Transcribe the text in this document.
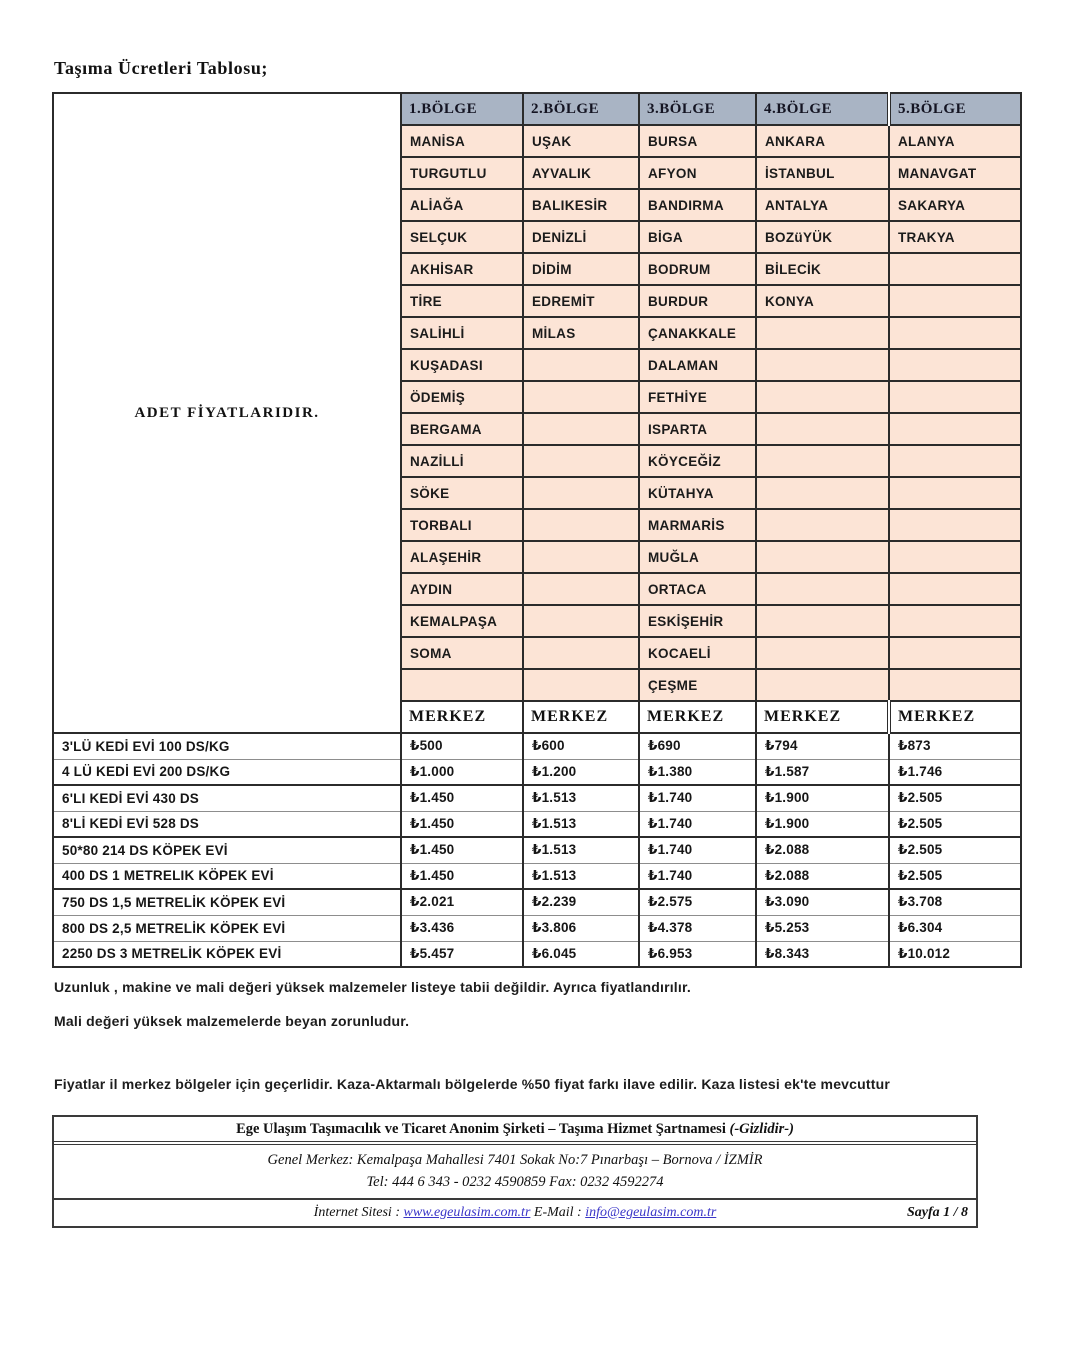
Taşıma Ücretleri Tablosu;
ADET FİYATLARIDIR.	1.BÖLGE	2.BÖLGE	3.BÖLGE	4.BÖLGE	5.BÖLGE
	MANİSA	UŞAK	BURSA	ANKARA	ALANYA
	TURGUTLU	AYVALIK	AFYON	İSTANBUL	MANAVGAT
	ALİAĞA	BALIKESİR	BANDIRMA	ANTALYA	SAKARYA
	SELÇUK	DENİZLİ	BİGA	BOZüYÜK	TRAKYA
	AKHİSAR	DİDİM	BODRUM	BİLECİK	
	TİRE	EDREMİT	BURDUR	KONYA	
	SALİHLİ	MİLAS	ÇANAKKALE		
	KUŞADASI		DALAMAN		
	ÖDEMİŞ		FETHİYE		
	BERGAMA		ISPARTA		
	NAZİLLİ		KÖYCEĞİZ		
	SÖKE		KÜTAHYA		
	TORBALI		MARMARİS		
	ALAŞEHİR		MUĞLA		
	AYDIN		ORTACA		
	KEMALPAŞA		ESKİŞEHİR		
	SOMA		KOCAELİ		
			ÇEŞME		
	MERKEZ	MERKEZ	MERKEZ	MERKEZ	MERKEZ
3'LÜ KEDİ EVİ 100 DS/KG	₺500	₺600	₺690	₺794	₺873
4 LÜ KEDİ EVİ 200 DS/KG	₺1.000	₺1.200	₺1.380	₺1.587	₺1.746
6'LI KEDİ EVİ 430 DS	₺1.450	₺1.513	₺1.740	₺1.900	₺2.505
8'Lİ KEDİ EVİ 528 DS	₺1.450	₺1.513	₺1.740	₺1.900	₺2.505
50*80 214 DS KÖPEK EVİ	₺1.450	₺1.513	₺1.740	₺2.088	₺2.505
400 DS 1 METRELIK KÖPEK EVİ	₺1.450	₺1.513	₺1.740	₺2.088	₺2.505
750 DS 1,5 METRELİK KÖPEK EVİ	₺2.021	₺2.239	₺2.575	₺3.090	₺3.708
800 DS 2,5 METRELİK KÖPEK EVİ	₺3.436	₺3.806	₺4.378	₺5.253	₺6.304
2250 DS 3 METRELİK KÖPEK EVİ	₺5.457	₺6.045	₺6.953	₺8.343	₺10.012
Uzunluk , makine ve mali değeri yüksek malzemeler listeye tabii değildir. Ayrıca fiyatlandırılır.
Mali değeri yüksek malzemelerde beyan zorunludur.
Fiyatlar il merkez bölgeler için geçerlidir. Kaza-Aktarmalı bölgelerde %50 fiyat farkı ilave edilir. Kaza listesi ek'te mevcuttur
Ege Ulaşım Taşımacılık ve Ticaret Anonim Şirketi – Taşıma Hizmet Şartnamesi (-Gizlidir-)
Genel Merkez: Kemalpaşa Mahallesi 7401 Sokak No:7 Pınarbaşı – Bornova / İZMİR
Tel: 444 6 343 - 0232 4590859 Fax: 0232 4592274
İnternet Sitesi : www.egeulasim.com.tr E-Mail : info@egeulasim.com.tr	Sayfa 1 / 8
